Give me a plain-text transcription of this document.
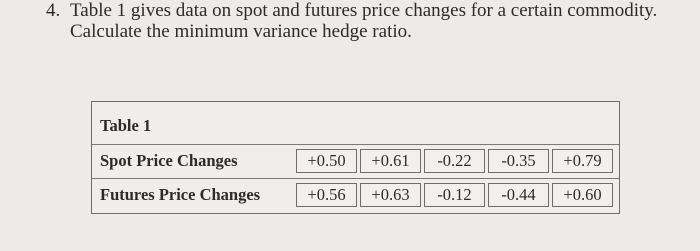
4. Table 1 gives data on spot and futures price changes for a certain commodity.
Calculate the minimum variance hedge ratio.
Table 1
Spot Price Changes	+0.50	+0.61	-0.22	-0.35	+0.79
Futures Price Changes	+0.56	+0.63	-0.12	-0.44	+0.60
